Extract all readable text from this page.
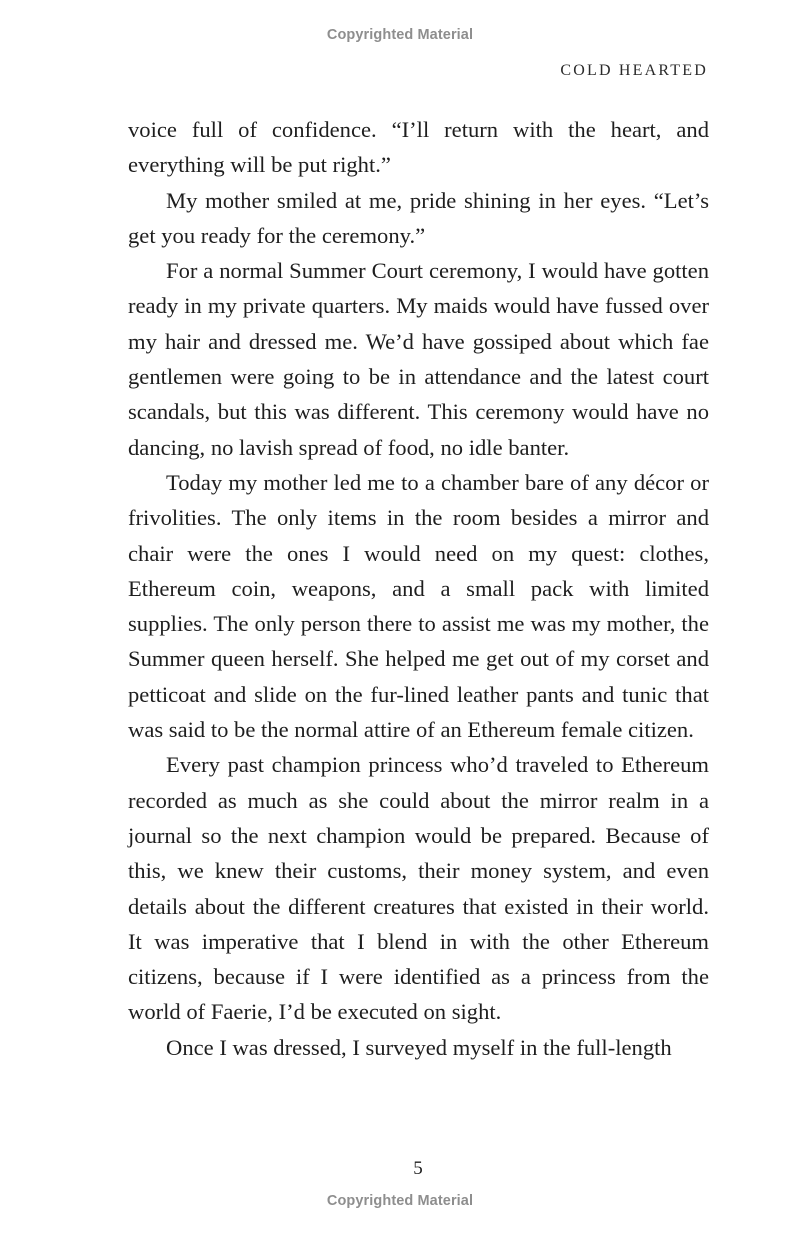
Copyrighted Material
COLD HEARTED

voice full of confidence. “I’ll return with the heart, and everything will be put right.”

My mother smiled at me, pride shining in her eyes. “Let’s get you ready for the ceremony.”

For a normal Summer Court ceremony, I would have gotten ready in my private quarters. My maids would have fussed over my hair and dressed me. We’d have gossiped about which fae gentlemen were going to be in attendance and the latest court scandals, but this was different. This ceremony would have no dancing, no lavish spread of food, no idle banter.

Today my mother led me to a chamber bare of any décor or frivolities. The only items in the room besides a mirror and chair were the ones I would need on my quest: clothes, Ethereum coin, weapons, and a small pack with limited supplies. The only person there to assist me was my mother, the Summer queen herself. She helped me get out of my corset and petticoat and slide on the fur-lined leather pants and tunic that was said to be the normal attire of an Ethereum female citizen.

Every past champion princess who’d traveled to Ethereum recorded as much as she could about the mirror realm in a journal so the next champion would be prepared. Because of this, we knew their customs, their money system, and even details about the different creatures that existed in their world. It was imperative that I blend in with the other Ethereum citizens, because if I were identified as a princess from the world of Faerie, I’d be executed on sight.

Once I was dressed, I surveyed myself in the full-length

5
Copyrighted Material
